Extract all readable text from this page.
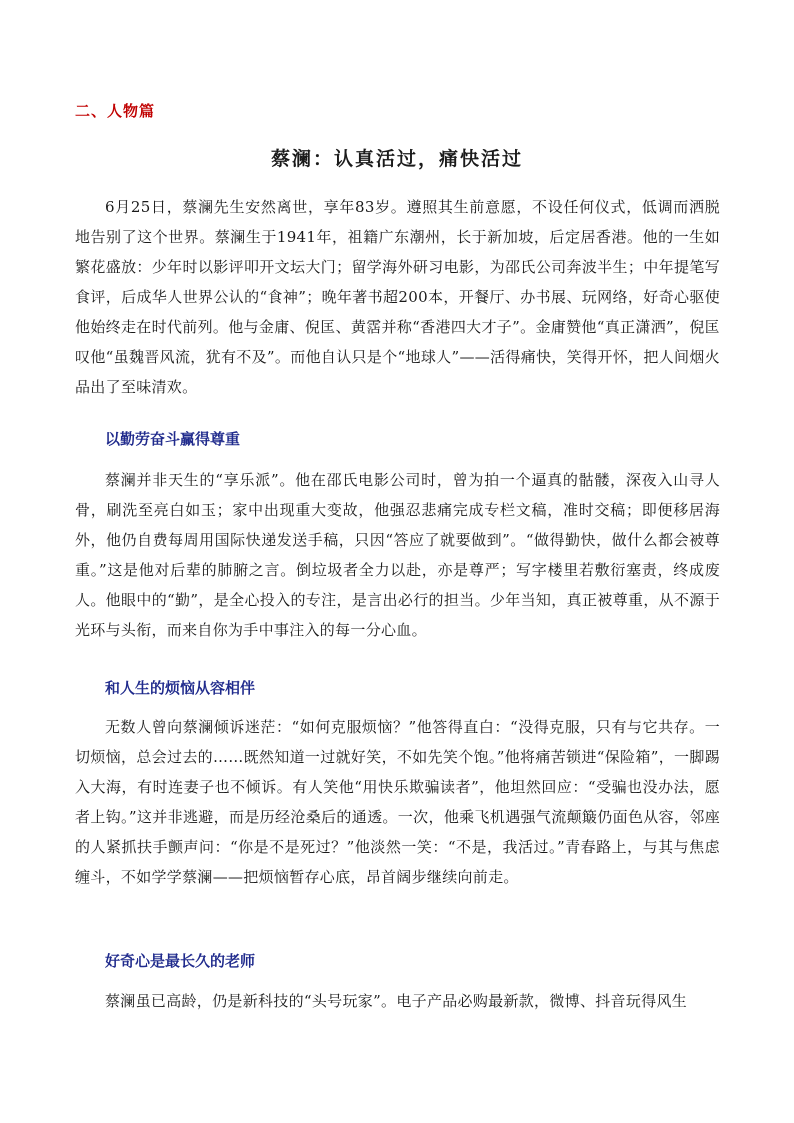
二、人物篇
蔡澜：认真活过，痛快活过

6月25日，蔡澜先生安然离世，享年83岁。遵照其生前意愿，不设任何仪式，低调而洒脱地告别了这个世界。蔡澜生于1941年，祖籍广东潮州，长于新加坡，后定居香港。他的一生如繁花盛放：少年时以影评叩开文坛大门；留学海外研习电影，为邵氏公司奔波半生；中年提笔写食评，后成华人世界公认的“食神”；晚年著书超200本，开餐厅、办书展、玩网络，好奇心驱使他始终走在时代前列。他与金庸、倪匡、黄霑并称“香港四大才子”。金庸赞他“真正潇洒”，倪匡叹他“虽魏晋风流，犹有不及”。而他自认只是个“地球人”——活得痛快，笑得开怀，把人间烟火品出了至味清欢。

以勤劳奋斗赢得尊重

蔡澜并非天生的“享乐派”。他在邵氏电影公司时，曾为拍一个逼真的骷髅，深夜入山寻人骨，刷洗至亮白如玉；家中出现重大变故，他强忍悲痛完成专栏文稿，准时交稿；即便移居海外，他仍自费每周用国际快递发送手稿，只因“答应了就要做到”。“做得勤快，做什么都会被尊重。”这是他对后辈的肺腑之言。倒垃圾者全力以赴，亦是尊严；写字楼里若敷衍塞责，终成废人。他眼中的“勤”，是全心投入的专注，是言出必行的担当。少年当知，真正被尊重，从不源于光环与头衔，而来自你为手中事注入的每一分心血。

和人生的烦恼从容相伴

无数人曾向蔡澜倾诉迷茫：“如何克服烦恼？”他答得直白：“没得克服，只有与它共存。一切烦恼，总会过去的……既然知道一过就好笑，不如先笑个饱。”他将痛苦锁进“保险箱”，一脚踢入大海，有时连妻子也不倾诉。有人笑他“用快乐欺骗读者”，他坦然回应：“受骗也没办法，愿者上钩。”这并非逃避，而是历经沧桑后的通透。一次，他乘飞机遇强气流颠簸仍面色从容，邻座的人紧抓扶手颤声问：“你是不是死过？”他淡然一笑：“不是，我活过。”青春路上，与其与焦虑缠斗，不如学学蔡澜——把烦恼暂存心底，昂首阔步继续向前走。

好奇心是最长久的老师

蔡澜虽已高龄，仍是新科技的“头号玩家”。电子产品必购最新款，微博、抖音玩得风生
